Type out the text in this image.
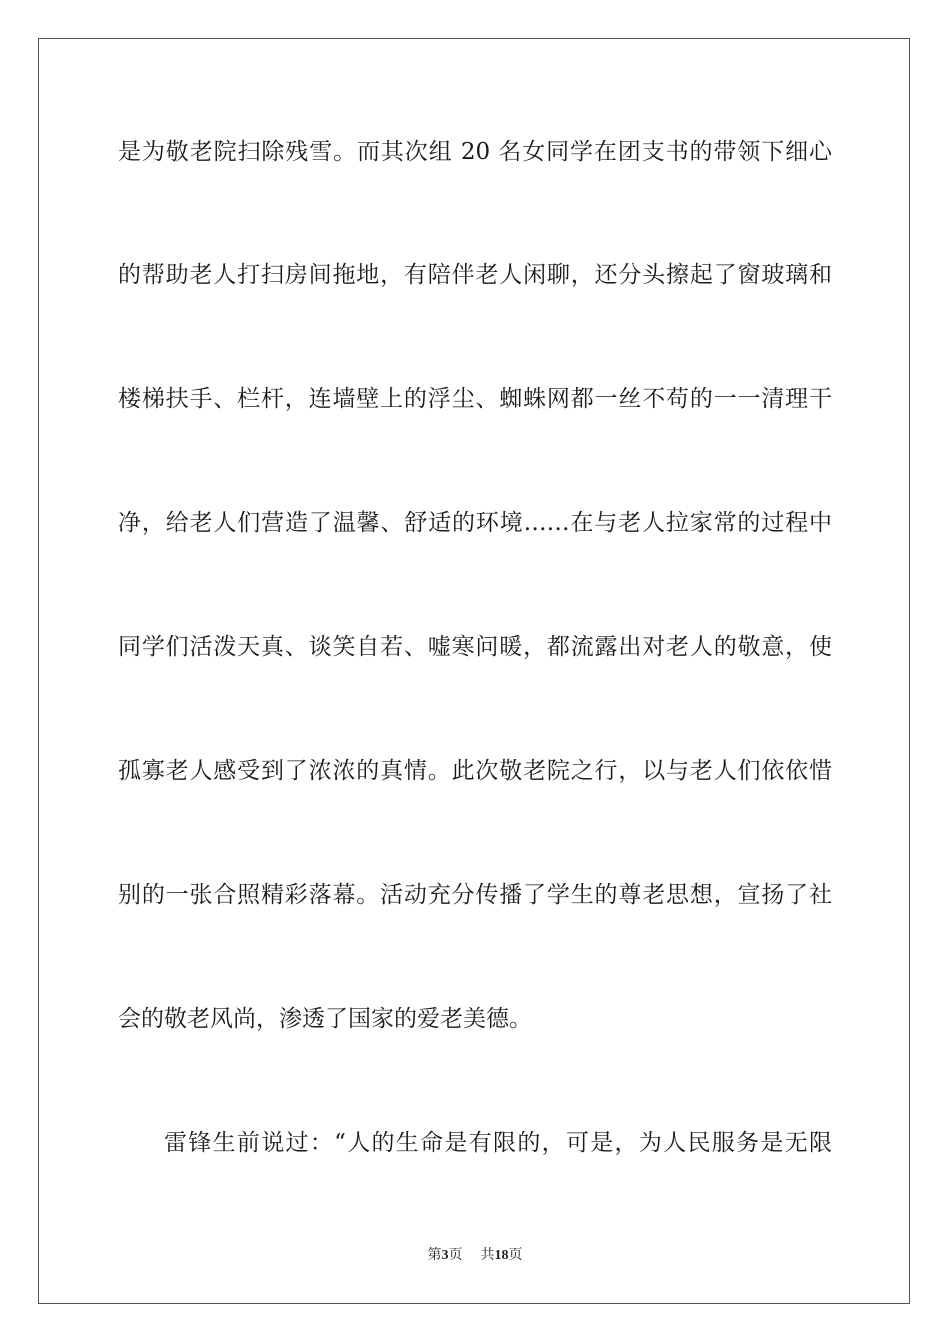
是为敬老院扫除残雪。而其次组 20 名女同学在团支书的带领下细心
的帮助老人打扫房间拖地，有陪伴老人闲聊，还分头擦起了窗玻璃和
楼梯扶手、栏杆，连墙壁上的浮尘、蜘蛛网都一丝不苟的一一清理干
净，给老人们营造了温馨、舒适的环境……在与老人拉家常的过程中
同学们活泼天真、谈笑自若、嘘寒问暖，都流露出对老人的敬意，使
孤寡老人感受到了浓浓的真情。此次敬老院之行，以与老人们依依惜
别的一张合照精彩落幕。活动充分传播了学生的尊老思想，宣扬了社
会的敬老风尚，渗透了国家的爱老美德。
雷锋生前说过：“人的生命是有限的，可是，为人民服务是无限
第3页 共18页
